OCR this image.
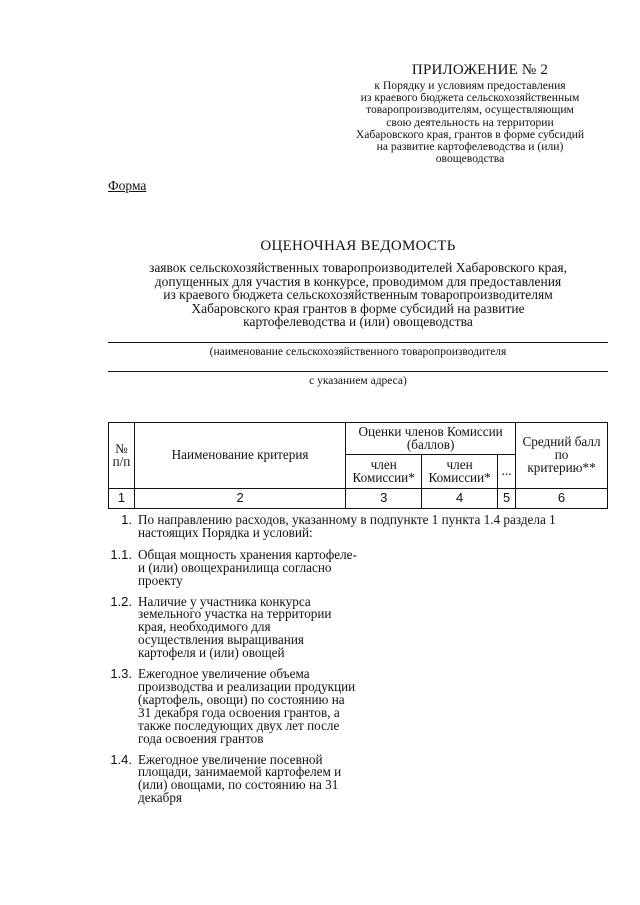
ПРИЛОЖЕНИЕ № 2
к Порядку и условиям предоставления
из краевого бюджета сельскохозяйственным
товаропроизводителям, осуществляющим
свою деятельность на территории
Хабаровского края, грантов в форме субсидий
на развитие картофелеводства и (или)
овощеводства
Форма
ОЦЕНОЧНАЯ ВЕДОМОСТЬ
заявок сельскохозяйственных товаропроизводителей Хабаровского края,
допущенных для участия в конкурсе, проводимом для предоставления
из краевого бюджета сельскохозяйственным товаропроизводителям
Хабаровского края грантов в форме субсидий на развитие
картофелеводства и (или) овощеводства
(наименование сельскохозяйственного товаропроизводителя
с указанием адреса)
№ п/п	Наименование критерия	Оценки членов Комиссии (баллов)			Средний балл по критерию**
		член Комиссии*	член Комиссии*	...	
1	2	3	4	5	6
1. По направлению расходов, указанному в подпункте 1 пункта 1.4 раздела 1 настоящих Порядка и условий:
1.1. Общая мощность хранения картофеле- и (или) овощехранилища согласно проекту
1.2. Наличие у участника конкурса земельного участка на территории края, необходимого для осуществления выращивания картофеля и (или) овощей
1.3. Ежегодное увеличение объема производства и реализации продукции (картофель, овощи) по состоянию на 31 декабря года освоения грантов, а также последующих двух лет после года освоения грантов
1.4. Ежегодное увеличение посевной площади, занимаемой картофелем и (или) овощами, по состоянию на 31 декабря
